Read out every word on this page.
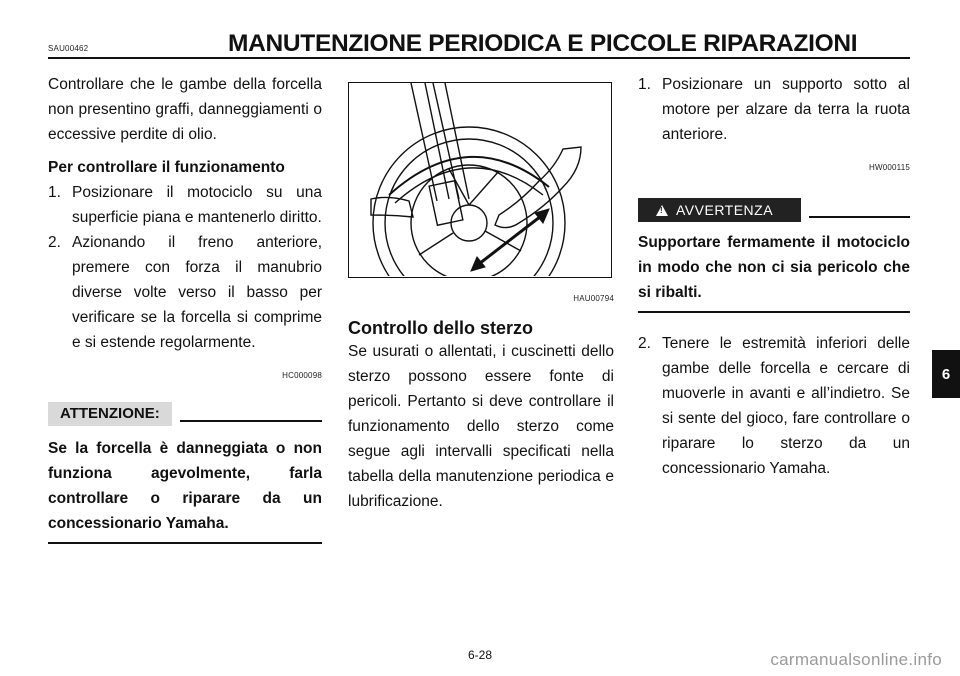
SAU00462	MANUTENZIONE PERIODICA E PICCOLE RIPARAZIONI
Controllare che le gambe della forcella non presentino graffi, danneggiamenti o eccessive perdite di olio.
Per controllare il funzionamento
1. Posizionare il motociclo su una superficie piana e mantenerlo diritto.
2. Azionando il freno anteriore, premere con forza il manubrio diverse volte verso il basso per verificare se la forcella si comprime e si estende regolarmente.
HC000098
ATTENZIONE:
Se la forcella è danneggiata o non funziona agevolmente, farla controllare o riparare da un concessionario Yamaha.
HAU00794
Controllo dello sterzo
Se usurati o allentati, i cuscinetti dello sterzo possono essere fonte di pericoli. Pertanto si deve controllare il funzionamento dello sterzo come segue agli intervalli specificati nella tabella della manutenzione periodica e lubrificazione.
1. Posizionare un supporto sotto al motore per alzare da terra la ruota anteriore.
HW000115
!
AVVERTENZA
Supportare fermamente il motociclo in modo che non ci sia pericolo che si ribalti.
2. Tenere le estremità inferiori delle gambe delle forcella e cercare di muoverle in avanti e all’indietro. Se si sente del gioco, fare controllare o riparare lo sterzo da un concessionario Yamaha.
6
6-28	carmanualsonline.info
